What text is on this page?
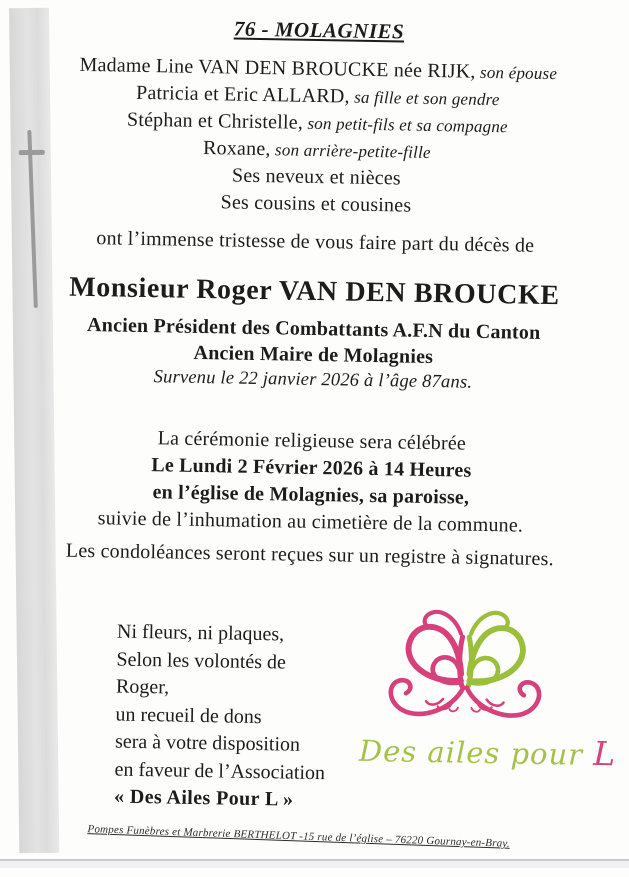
76 - MOLAGNIES
Madame Line VAN DEN BROUCKE née RIJK, son épouse
Patricia et Eric ALLARD, sa fille et son gendre
Stéphan et Christelle, son petit-fils et sa compagne
Roxane, son arrière-petite-fille
Ses neveux et nièces
Ses cousins et cousines
ont l’immense tristesse de vous faire part du décès de
Monsieur Roger VAN DEN BROUCKE
Ancien Président des Combattants A.F.N du Canton
Ancien Maire de Molagnies
Survenu le 22 janvier 2026 à l’âge 87ans.
La cérémonie religieuse sera célébrée
Le Lundi 2 Février 2026 à 14 Heures
en l’église de Molagnies, sa paroisse,
suivie de l’inhumation au cimetière de la commune.
Les condoléances seront reçues sur un registre à signatures.
Ni fleurs, ni plaques,
Selon les volontés de
Roger,
un recueil de dons
sera à votre disposition
en faveur de l’Association
« Des Ailes Pour L »
Des ailes pour L
Pompes Funèbres et Marbrerie BERTHELOT -15 rue de l’église – 76220 Gournay-en-Bray.
